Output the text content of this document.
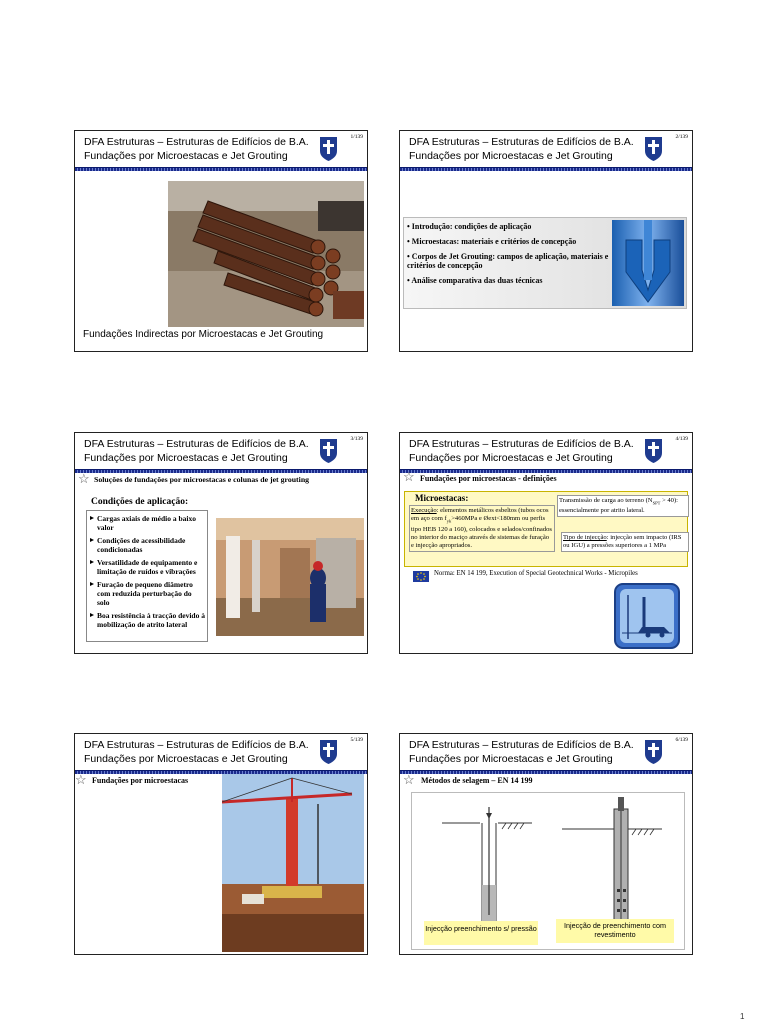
DFA Estruturas – Estruturas de Edifícios de B.A.
Fundações por Microestacas e Jet Grouting
1/139
Fundações Indirectas por Microestacas e Jet Grouting
DFA Estruturas – Estruturas de Edifícios de B.A.
Fundações por Microestacas e Jet Grouting
2/139
• Introdução: condições de aplicação
• Microestacas: materiais e critérios de concepção
• Corpos de Jet Grouting: campos de aplicação, materiais e critérios de concepção
• Análise comparativa das duas técnicas
DFA Estruturas – Estruturas de Edifícios de B.A.
Fundações por Microestacas e Jet Grouting
3/139
☆ Soluções de fundações por microestacas e colunas de jet grouting
Condições de aplicação:
Cargas axiais de médio a baixo valor
Condições de acessibilidade condicionadas
Versatilidade de equipamento e limitação de ruídos e vibrações
Furação de pequeno diâmetro com reduzida perturbação do solo
Boa resistência à tracção devido à mobilização de atrito lateral
DFA Estruturas – Estruturas de Edifícios de B.A.
Fundações por Microestacas e Jet Grouting
4/139
☆ Fundações por microestacas - definições
Microestacas:
Execução: elementos metálicos esbeltos (tubos ocos em aço com $f_{yk}>460MPa$ e Øext<180mm ou perfis tipo HEB 120 a 160), colocados e selados/confinados no interior do maciço através de sistemas de furação e injecção apropriados.
Transmissão de carga ao terreno $(N_{SPT} > 40)$: essencialmente por atrito lateral.
Tipo de injecção: injecção sem impacto (IRS ou IGU) a pressões superiores a 1 MPa
Norma: EN 14 199, Execution of Special Geotechnical Works - Micropiles
DFA Estruturas – Estruturas de Edifícios de B.A.
Fundações por Microestacas e Jet Grouting
5/139
☆ Fundações por microestacas
DFA Estruturas – Estruturas de Edifícios de B.A.
Fundações por Microestacas e Jet Grouting
6/139
☆ Métodos de selagem – EN 14 199
Injecção preenchimento s/ pressão	Injecção de preenchimento com revestimento
1
